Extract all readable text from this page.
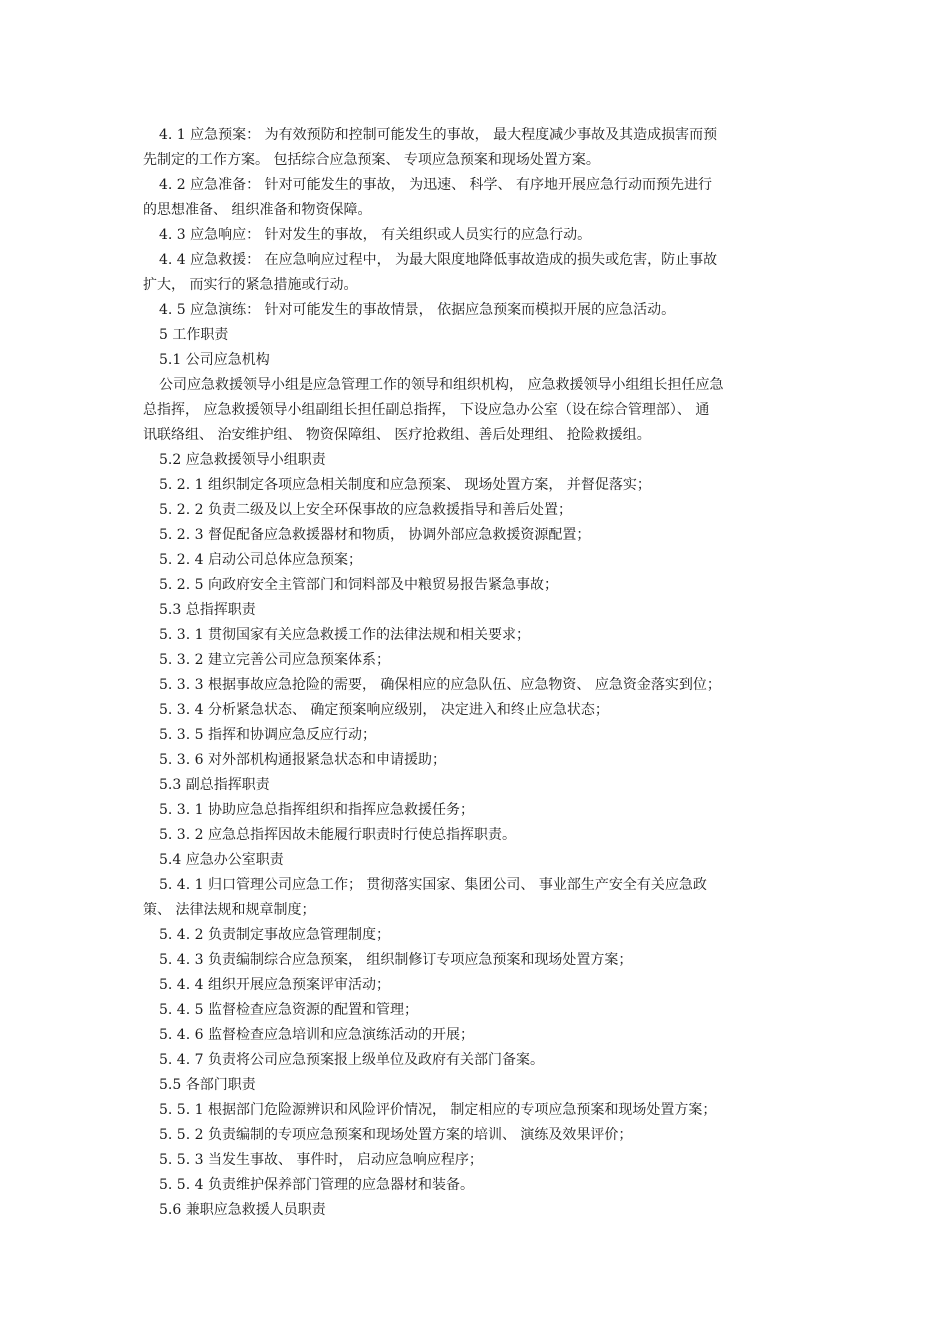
4. 1 应急预案： 为有效预防和控制可能发生的事故， 最大程度减少事故及其造成损害而预
先制定的工作方案。 包括综合应急预案、 专项应急预案和现场处置方案。
4. 2 应急准备： 针对可能发生的事故， 为迅速、 科学、 有序地开展应急行动而预先进行
的思想准备、 组织准备和物资保障。
4. 3 应急响应： 针对发生的事故， 有关组织或人员实行的应急行动。
4. 4 应急救援： 在应急响应过程中， 为最大限度地降低事故造成的损失或危害，防止事故
扩大， 而实行的紧急措施或行动。
4. 5 应急演练： 针对可能发生的事故情景， 依据应急预案而模拟开展的应急活动。
5 工作职责
5.1 公司应急机构
公司应急救援领导小组是应急管理工作的领导和组织机构， 应急救援领导小组组长担任应急
总指挥， 应急救援领导小组副组长担任副总指挥， 下设应急办公室（设在综合管理部）、 通
讯联络组、 治安维护组、 物资保障组、 医疗抢救组、善后处理组、 抢险救援组。
5.2 应急救援领导小组职责
5. 2. 1 组织制定各项应急相关制度和应急预案、 现场处置方案， 并督促落实；
5. 2. 2 负责二级及以上安全环保事故的应急救援指导和善后处置；
5. 2. 3 督促配备应急救援器材和物质， 协调外部应急救援资源配置；
5. 2. 4 启动公司总体应急预案；
5. 2. 5 向政府安全主管部门和饲料部及中粮贸易报告紧急事故；
5.3 总指挥职责
5. 3. 1 贯彻国家有关应急救援工作的法律法规和相关要求；
5. 3. 2 建立完善公司应急预案体系；
5. 3. 3 根据事故应急抢险的需要， 确保相应的应急队伍、应急物资、 应急资金落实到位；
5. 3. 4 分析紧急状态、 确定预案响应级别， 决定进入和终止应急状态；
5. 3. 5 指挥和协调应急反应行动；
5. 3. 6 对外部机构通报紧急状态和申请援助；
5.3 副总指挥职责
5. 3. 1 协助应急总指挥组织和指挥应急救援任务；
5. 3. 2 应急总指挥因故未能履行职责时行使总指挥职责。
5.4 应急办公室职责
5. 4. 1 归口管理公司应急工作； 贯彻落实国家、集团公司、 事业部生产安全有关应急政
策、 法律法规和规章制度；
5. 4. 2 负责制定事故应急管理制度；
5. 4. 3 负责编制综合应急预案， 组织制修订专项应急预案和现场处置方案；
5. 4. 4 组织开展应急预案评审活动；
5. 4. 5 监督检查应急资源的配置和管理；
5. 4. 6 监督检查应急培训和应急演练活动的开展；
5. 4. 7 负责将公司应急预案报上级单位及政府有关部门备案。
5.5 各部门职责
5. 5. 1 根据部门危险源辨识和风险评价情况， 制定相应的专项应急预案和现场处置方案；
5. 5. 2 负责编制的专项应急预案和现场处置方案的培训、 演练及效果评价；
5. 5. 3 当发生事故、 事件时， 启动应急响应程序；
5. 5. 4 负责维护保养部门管理的应急器材和装备。
5.6 兼职应急救援人员职责
